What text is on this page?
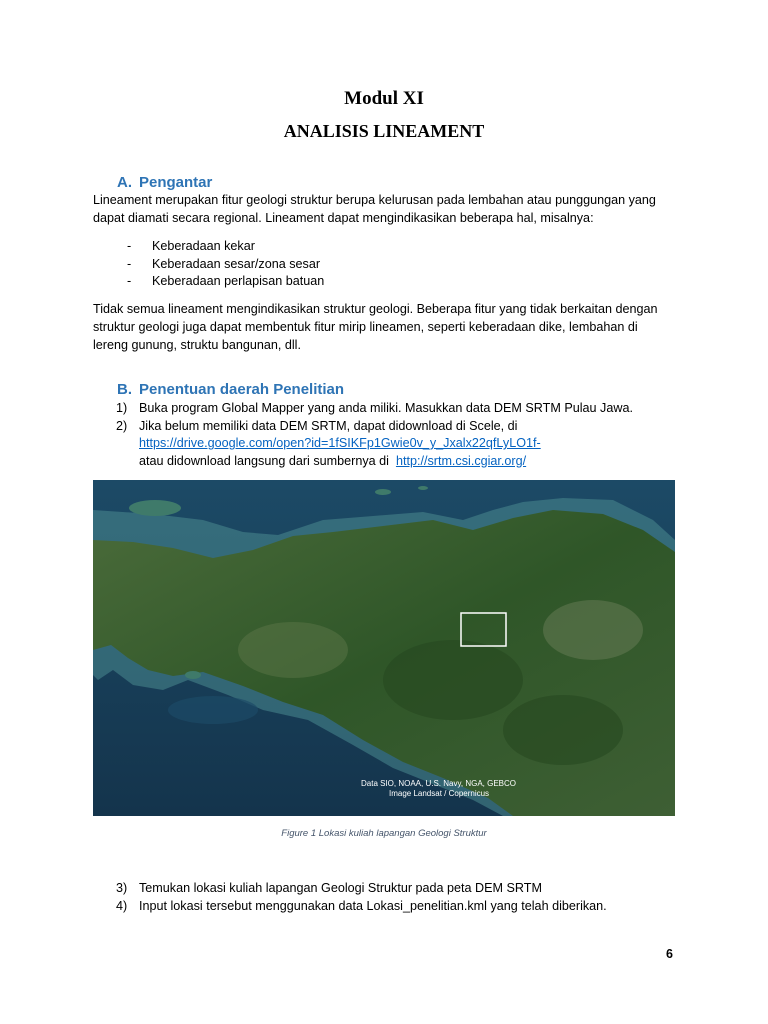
Modul XI
ANALISIS LINEAMENT
A. Pengantar

Lineament merupakan fitur geologi struktur berupa kelurusan pada lembahan atau punggungan yang dapat diamati secara regional. Lineament dapat mengindikasikan beberapa hal, misalnya:

- Keberadaan kekar
- Keberadaan sesar/zona sesar
- Keberadaan perlapisan batuan

Tidak semua lineament mengindikasikan struktur geologi. Beberapa fitur yang tidak berkaitan dengan struktur geologi juga dapat membentuk fitur mirip lineamen, seperti keberadaan dike, lembahan di lereng gunung, struktu bangunan, dll.

B. Penentuan daerah Penelitian
1) Buka program Global Mapper yang anda miliki. Masukkan data DEM SRTM Pulau Jawa.
2) Jika belum memiliki data DEM SRTM, dapat didownload di Scele, di
https://drive.google.com/open?id=1fSIKFp1Gwie0v_y_Jxalx22qfLyLO1f-
atau didownload langsung dari sumbernya di http://srtm.csi.cgiar.org/
Data SIO, NOAA, U.S. Navy, NGA, GEBCO
Image Landsat / Copernicus

Figure 1 Lokasi kuliah lapangan Geologi Struktur

3) Temukan lokasi kuliah lapangan Geologi Struktur pada peta DEM SRTM
4) Input lokasi tersebut menggunakan data Lokasi_penelitian.kml yang telah diberikan.

6
